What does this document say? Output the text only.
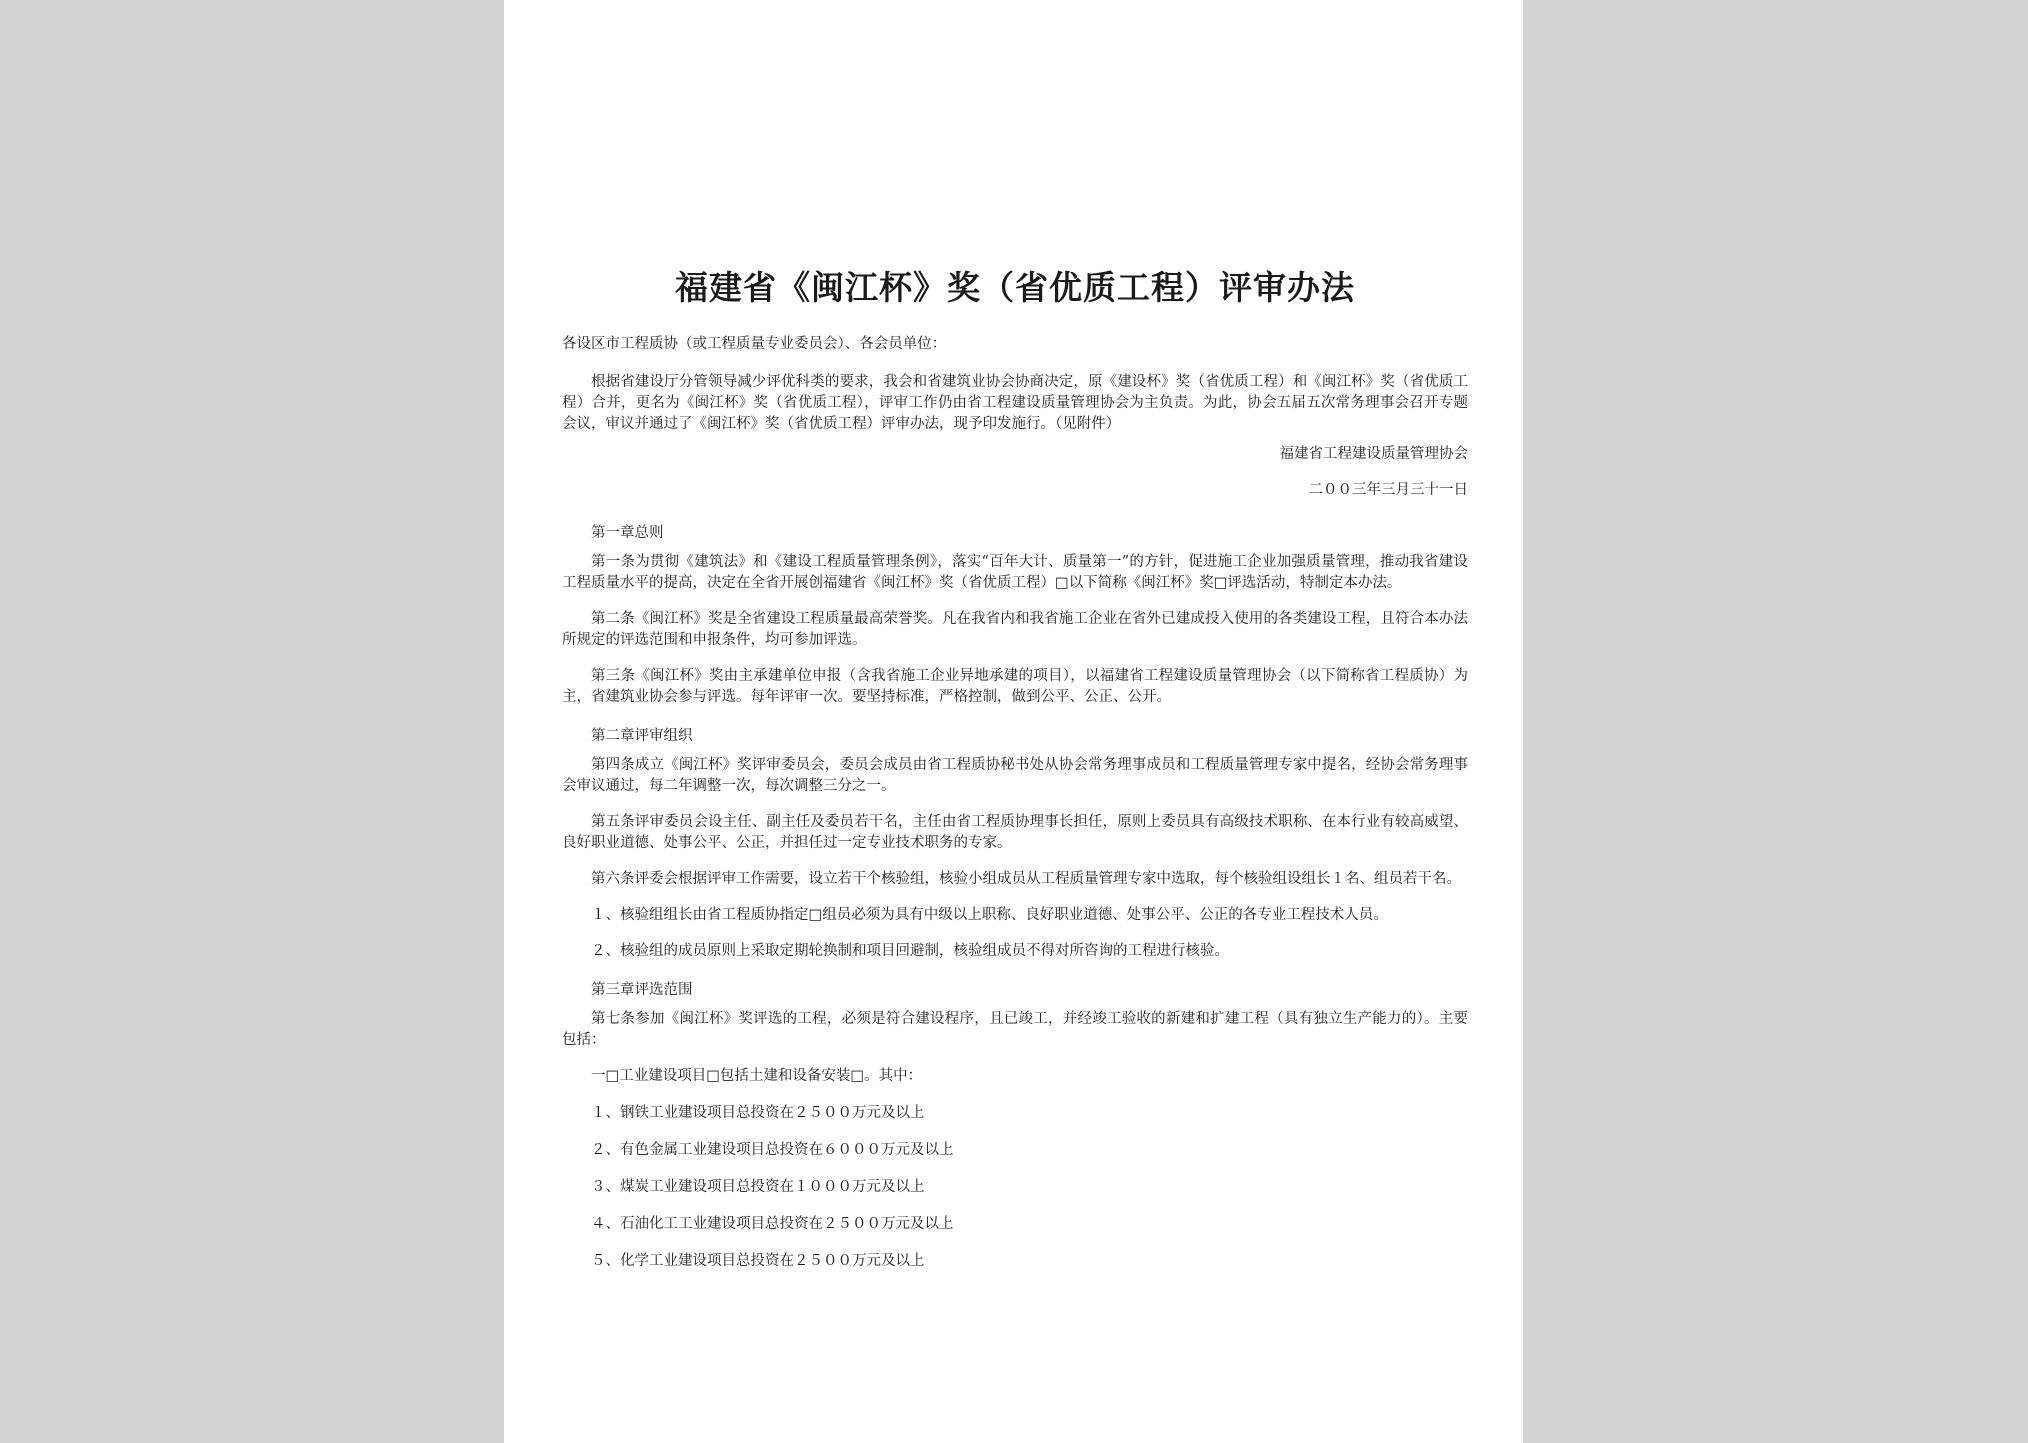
福建省《闽江杯》奖（省优质工程）评审办法

各设区市工程质协（或工程质量专业委员会）、各会员单位：

根据省建设厅分管领导减少评优科类的要求，我会和省建筑业协会协商决定，原《建设杯》奖（省优质工程）和《闽江杯》奖（省优质工程）合并，更名为《闽江杯》奖（省优质工程），评审工作仍由省工程建设质量管理协会为主负责。为此，协会五届五次常务理事会召开专题会议，审议并通过了《闽江杯》奖（省优质工程）评审办法，现予印发施行。（见附件）

福建省工程建设质量管理协会

二００三年三月三十一日

第一章总则

第一条为贯彻《建筑法》和《建设工程质量管理条例》，落实“百年大计、质量第一”的方针，促进施工企业加强质量管理，推动我省建设工程质量水平的提高，决定在全省开展创福建省《闽江杯》奖（省优质工程）□以下简称《闽江杯》奖□评选活动，特制定本办法。

第二条《闽江杯》奖是全省建设工程质量最高荣誉奖。凡在我省内和我省施工企业在省外已建成投入使用的各类建设工程，且符合本办法所规定的评选范围和申报条件，均可参加评选。

第三条《闽江杯》奖由主承建单位申报（含我省施工企业异地承建的项目），以福建省工程建设质量管理协会（以下简称省工程质协）为主，省建筑业协会参与评选。每年评审一次。要坚持标准，严格控制，做到公平、公正、公开。

第二章评审组织

第四条成立《闽江杯》奖评审委员会，委员会成员由省工程质协秘书处从协会常务理事成员和工程质量管理专家中提名，经协会常务理事会审议通过，每二年调整一次，每次调整三分之一。

第五条评审委员会设主任、副主任及委员若干名，主任由省工程质协理事长担任，原则上委员具有高级技术职称、在本行业有较高威望、良好职业道德、处事公平、公正，并担任过一定专业技术职务的专家。

第六条评委会根据评审工作需要，设立若干个核验组，核验小组成员从工程质量管理专家中选取，每个核验组设组长１名、组员若干名。

１、核验组组长由省工程质协指定□组员必须为具有中级以上职称、良好职业道德、处事公平、公正的各专业工程技术人员。

２、核验组的成员原则上采取定期轮换制和项目回避制，核验组成员不得对所咨询的工程进行核验。

第三章评选范围

第七条参加《闽江杯》奖评选的工程，必须是符合建设程序，且已竣工，并经竣工验收的新建和扩建工程（具有独立生产能力的）。主要包括：

一□工业建设项目□包括土建和设备安装□。其中：

１、钢铁工业建设项目总投资在２５００万元及以上

２、有色金属工业建设项目总投资在６０００万元及以上

３、煤炭工业建设项目总投资在１０００万元及以上

４、石油化工工业建设项目总投资在２５００万元及以上

５、化学工业建设项目总投资在２５００万元及以上
